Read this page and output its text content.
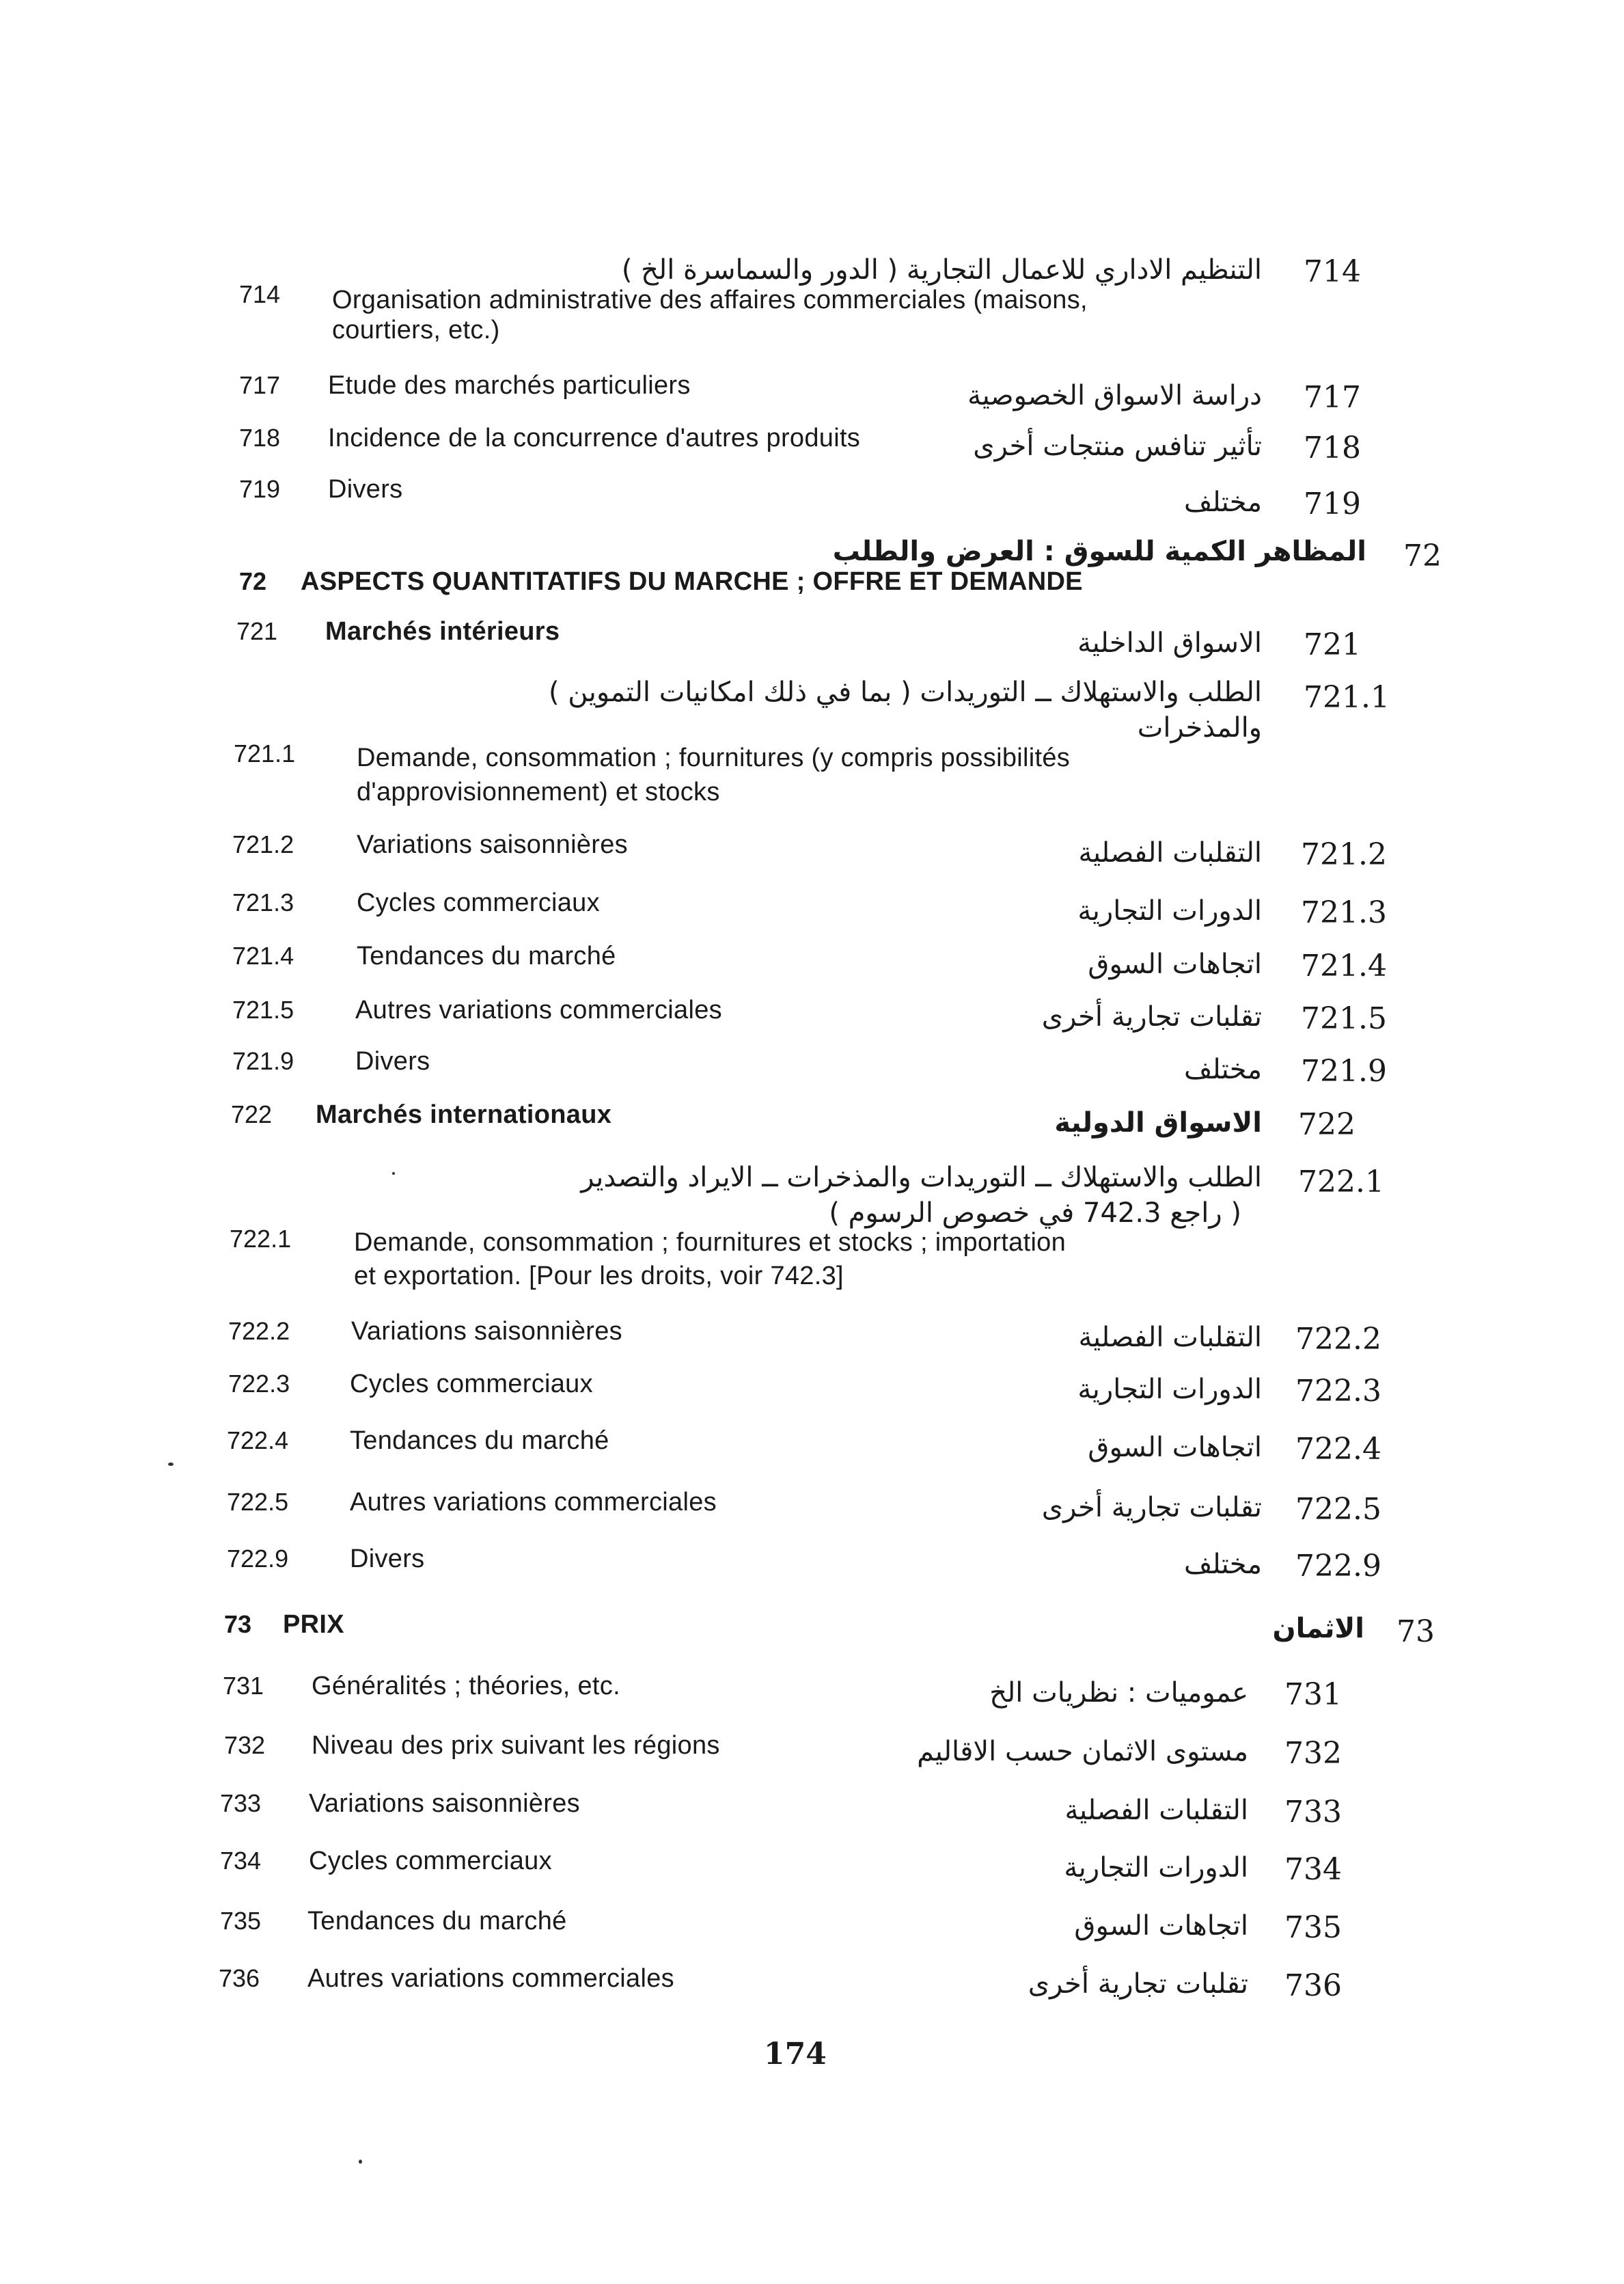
التنظيم الاداري للاعمال التجارية ( الدور والسماسرة الخ ) 714
714 Organisation administrative des affaires commerciales (maisons,
courtiers, etc.)
717 Etude des marchés particuliers	دراسة الاسواق الخصوصية 717
718 Incidence de la concurrence d'autres produits	تأثير تنافس منتجات أخرى 718
719 Divers	مختلف 719
المظاهر الكمية للسوق : العرض والطلب 72
72 ASPECTS QUANTITATIFS DU MARCHE ; OFFRE ET DEMANDE
721 Marchés intérieurs	الاسواق الداخلية 721
الطلب والاستهلاك ــ التوريدات ( بما في ذلك امكانيات التموين ) 721.1
والمذخرات
721.1 Demande, consommation ; fournitures (y compris possibilités
d'approvisionnement) et stocks
721.2 Variations saisonnières	التقلبات الفصلية 721.2
721.3 Cycles commerciaux	الدورات التجارية 721.3
721.4 Tendances du marché	اتجاهات السوق 721.4
721.5 Autres variations commerciales	تقلبات تجارية أخرى 721.5
721.9 Divers	مختلف 721.9
722 Marchés internationaux	الاسواق الدولية 722
الطلب والاستهلاك ــ التوريدات والمذخرات ــ الايراد والتصدير 722.1
( راجع 742.3 في خصوص الرسوم )
722.1 Demande, consommation ; fournitures et stocks ; importation
et exportation. [Pour les droits, voir 742.3]
722.2 Variations saisonnières	التقلبات الفصلية 722.2
722.3 Cycles commerciaux	الدورات التجارية 722.3
722.4 Tendances du marché	اتجاهات السوق 722.4
722.5 Autres variations commerciales	تقلبات تجارية أخرى 722.5
722.9 Divers	مختلف 722.9
73 PRIX	الاثمان 73
731 Généralités ; théories, etc.	عموميات : نظريات الخ 731
732 Niveau des prix suivant les régions	مستوى الاثمان حسب الاقاليم 732
733 Variations saisonnières	التقلبات الفصلية 733
734 Cycles commerciaux	الدورات التجارية 734
735 Tendances du marché	اتجاهات السوق 735
736 Autres variations commerciales	تقلبات تجارية أخرى 736
174
